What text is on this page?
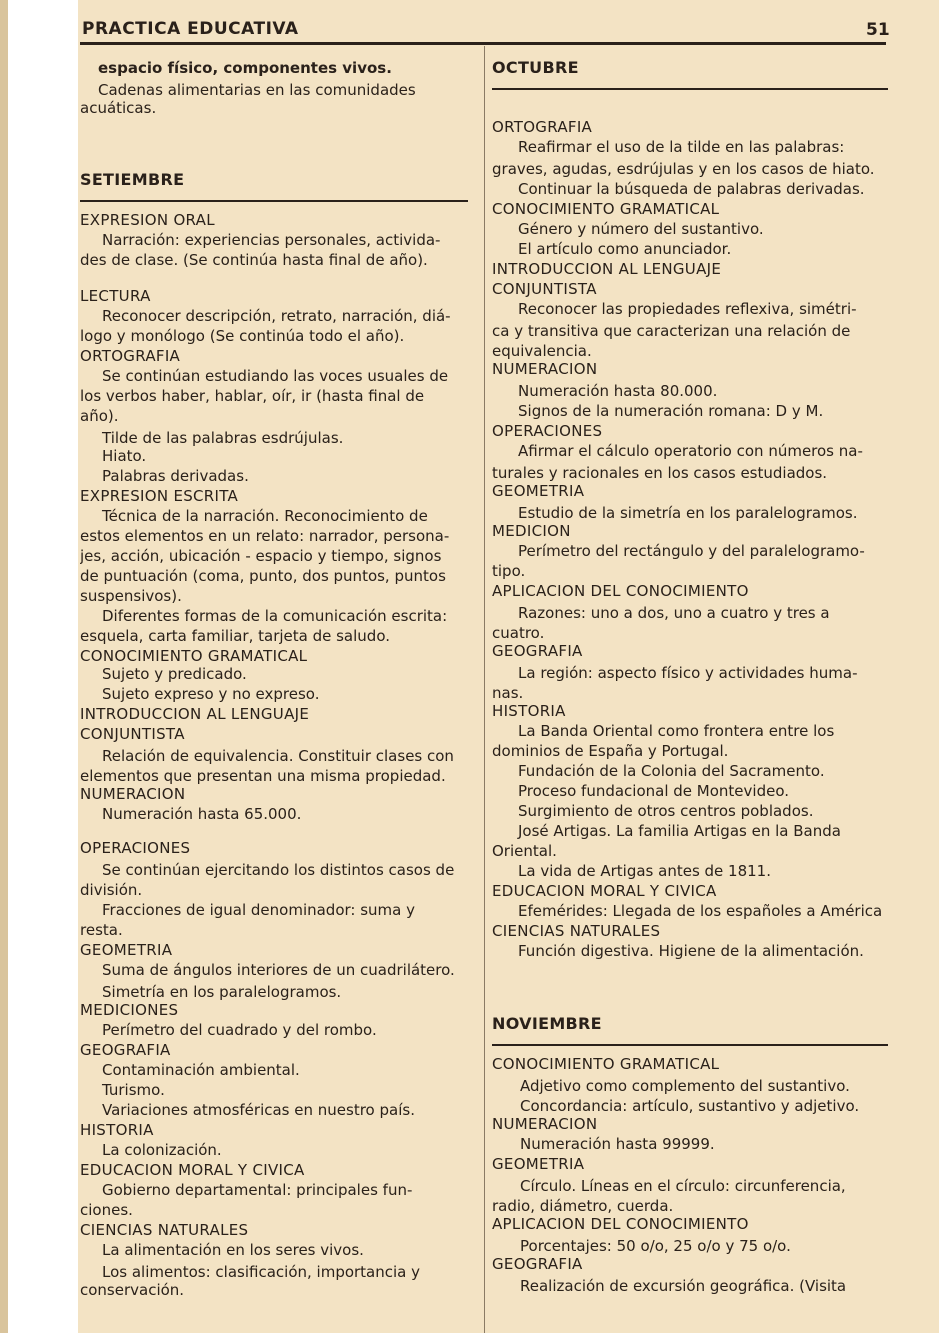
PRACTICA EDUCATIVA	51
espacio físico, componentes vivos.
Cadenas alimentarias en las comunidades
acuáticas.
SETIEMBRE
EXPRESION ORAL
Narración: experiencias personales, activida-
des de clase. (Se continúa hasta final de año).
LECTURA
Reconocer descripción, retrato, narración, diá-
logo y monólogo (Se continúa todo el año).
ORTOGRAFIA
Se continúan estudiando las voces usuales de
los verbos haber, hablar, oír, ir (hasta final de
año).
Tilde de las palabras esdrújulas.
Hiato.
Palabras derivadas.
EXPRESION ESCRITA
Técnica de la narración. Reconocimiento de
estos elementos en un relato: narrador, persona-
jes, acción, ubicación - espacio y tiempo, signos
de puntuación (coma, punto, dos puntos, puntos
suspensivos).
Diferentes formas de la comunicación escrita:
esquela, carta familiar, tarjeta de saludo.
CONOCIMIENTO GRAMATICAL
Sujeto y predicado.
Sujeto expreso y no expreso.
INTRODUCCION AL LENGUAJE
CONJUNTISTA
Relación de equivalencia. Constituir clases con
elementos que presentan una misma propiedad.
NUMERACION
Numeración hasta 65.000.
OPERACIONES
Se continúan ejercitando los distintos casos de
división.
Fracciones de igual denominador: suma y
resta.
GEOMETRIA
Suma de ángulos interiores de un cuadrilátero.
Simetría en los paralelogramos.
MEDICIONES
Perímetro del cuadrado y del rombo.
GEOGRAFIA
Contaminación ambiental.
Turismo.
Variaciones atmosféricas en nuestro país.
HISTORIA
La colonización.
EDUCACION MORAL Y CIVICA
Gobierno departamental: principales fun-
ciones.
CIENCIAS NATURALES
La alimentación en los seres vivos.
Los alimentos: clasificación, importancia y
conservación.
OCTUBRE
ORTOGRAFIA
Reafirmar el uso de la tilde en las palabras:
graves, agudas, esdrújulas y en los casos de hiato.
Continuar la búsqueda de palabras derivadas.
CONOCIMIENTO GRAMATICAL
Género y número del sustantivo.
El artículo como anunciador.
INTRODUCCION AL LENGUAJE
CONJUNTISTA
Reconocer las propiedades reflexiva, simétri-
ca y transitiva que caracterizan una relación de
equivalencia.
NUMERACION
Numeración hasta 80.000.
Signos de la numeración romana: D y M.
OPERACIONES
Afirmar el cálculo operatorio con números na-
turales y racionales en los casos estudiados.
GEOMETRIA
Estudio de la simetría en los paralelogramos.
MEDICION
Perímetro del rectángulo y del paralelogramo-
tipo.
APLICACION DEL CONOCIMIENTO
Razones: uno a dos, uno a cuatro y tres a
cuatro.
GEOGRAFIA
La región: aspecto físico y actividades huma-
nas.
HISTORIA
La Banda Oriental como frontera entre los
dominios de España y Portugal.
Fundación de la Colonia del Sacramento.
Proceso fundacional de Montevideo.
Surgimiento de otros centros poblados.
José Artigas. La familia Artigas en la Banda
Oriental.
La vida de Artigas antes de 1811.
EDUCACION MORAL Y CIVICA
Efemérides: Llegada de los españoles a América
CIENCIAS NATURALES
Función digestiva. Higiene de la alimentación.
NOVIEMBRE
CONOCIMIENTO GRAMATICAL
Adjetivo como complemento del sustantivo.
Concordancia: artículo, sustantivo y adjetivo.
NUMERACION
Numeración hasta 99999.
GEOMETRIA
Círculo. Líneas en el círculo: circunferencia,
radio, diámetro, cuerda.
APLICACION DEL CONOCIMIENTO
Porcentajes: 50 o/o, 25 o/o y 75 o/o.
GEOGRAFIA
Realización de excursión geográfica. (Visita
